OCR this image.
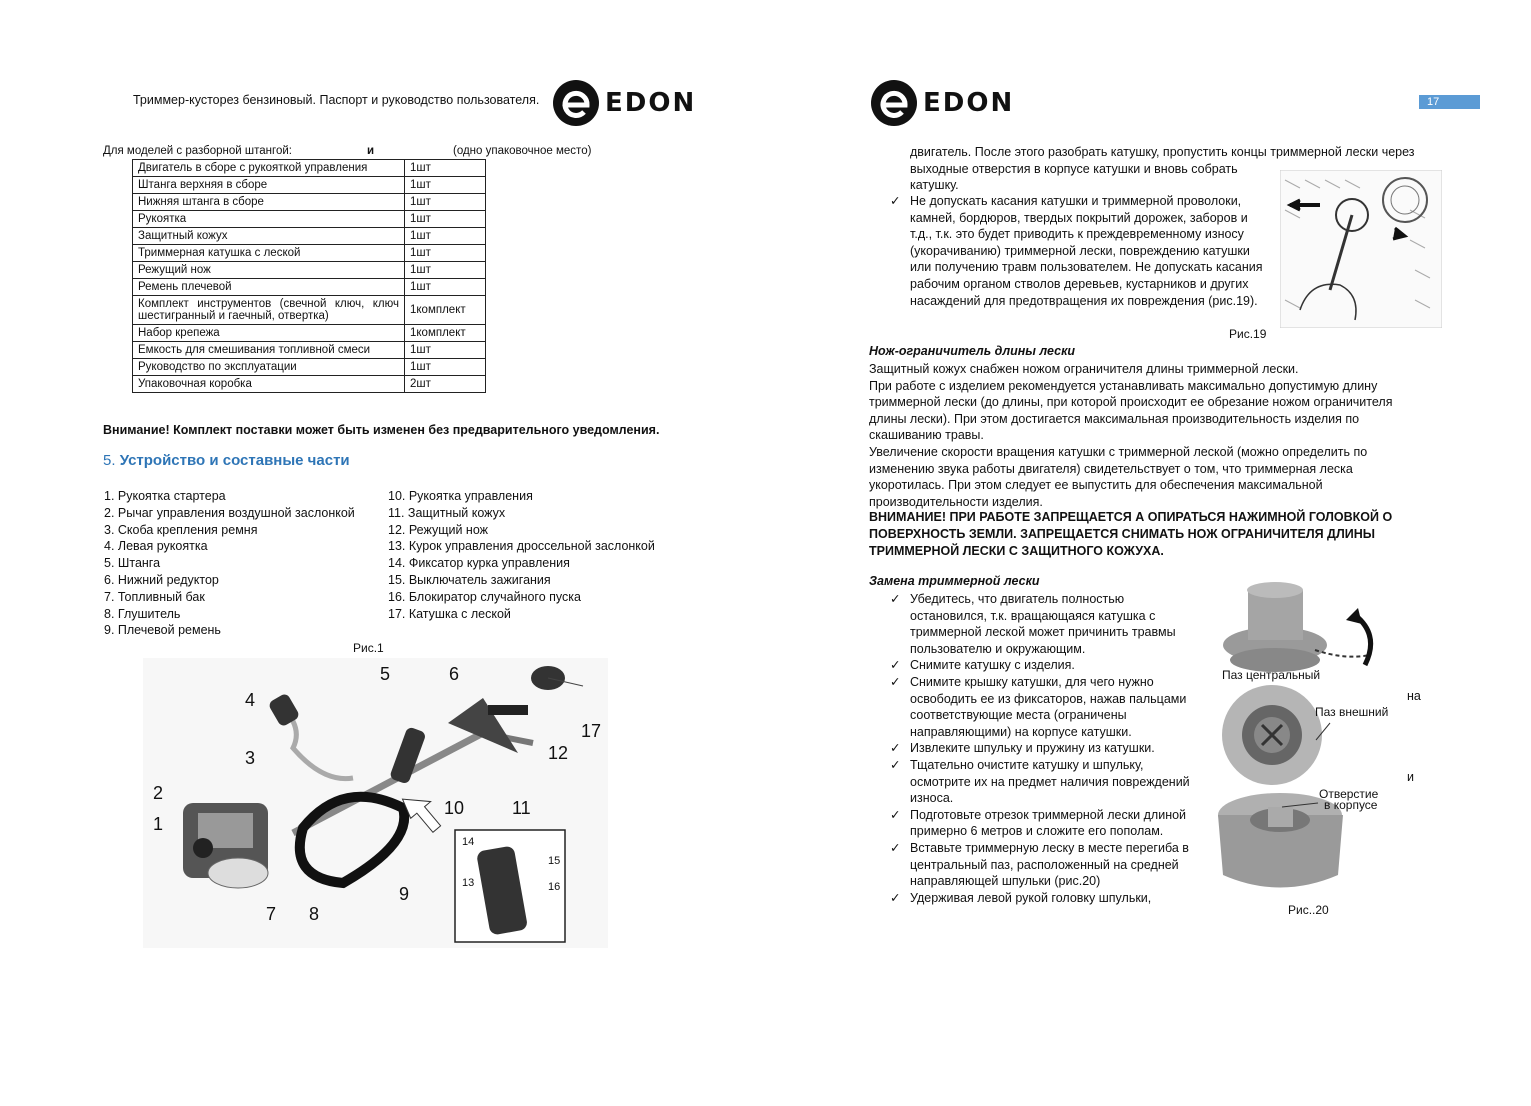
Триммер-кусторез бензиновый. Паспорт и руководство пользователя.	EDON
Для моделей с разборной штангой:	и	(одно упаковочное место)
Двигатель в сборе с рукояткой управления	1шт
Штанга верхняя в сборе	1шт
Нижняя штанга в сборе	1шт
Рукоятка	1шт
Защитный кожух	1шт
Триммерная катушка с леской	1шт
Режущий нож	1шт
Ремень плечевой	1шт
Комплект инструментов (свечной ключ, ключ шестигранный и гаечный, отвертка)	1комплект
Набор крепежа	1комплект
Емкость для смешивания топливной смеси	1шт
Руководство по эксплуатации	1шт
Упаковочная коробка	2шт
Внимание! Комплект поставки может быть изменен без предварительного уведомления.
5. Устройство и составные части
1. Рукоятка стартера
2. Рычаг управления воздушной заслонкой
3. Скоба крепления ремня
4. Левая рукоятка
5. Штанга
6. Нижний редуктор
7. Топливный бак
8. Глушитель
9. Плечевой ремень
10. Рукоятка управления
11. Защитный кожух
12. Режущий нож
13. Курок управления дроссельной заслонкой
14. Фиксатор курка управления
15. Выключатель зажигания
16. Блокиратор случайного пуска
17. Катушка с леской
Рис.1
1
2
3
4
5	6
7 8
9
10	11
12
17
14
13
15
16
EDON	17
двигатель. После этого разобрать катушку, пропустить концы триммерной лески через
выходные отверстия в корпусе катушки и вновь собрать
катушку.
✓ Не допускать касания катушки и триммерной проволоки,
камней, бордюров, твердых покрытий дорожек, заборов и
т.д., т.к. это будет приводить к преждевременному износу
(укорачиванию) триммерной лески, повреждению катушки
или получению травм пользователем. Не допускать касания
рабочим органом стволов деревьев, кустарников и других
насаждений для предотвращения их повреждения (рис.19).
Рис.19
Нож-ограничитель длины лески
Защитный кожух снабжен ножом ограничителя длины триммерной лески.
При работе с изделием рекомендуется устанавливать максимально допустимую длину
триммерной лески (до длины, при которой происходит ее обрезание ножом ограничителя
длины лески). При этом достигается максимальная производительность изделия по
скашиванию травы.
Увеличение скорости вращения катушки с триммерной леской (можно определить по
изменению звука работы двигателя) свидетельствует о том, что триммерная леска
укоротилась. При этом следует ее выпустить для обеспечения максимальной
производительности изделия.
ВНИМАНИЕ! ПРИ РАБОТЕ ЗАПРЕЩАЕТСЯ А ОПИРАТЬСЯ НАЖИМНОЙ ГОЛОВКОЙ О
ПОВЕРХНОСТЬ ЗЕМЛИ. ЗАПРЕЩАЕТСЯ СНИМАТЬ НОЖ ОГРАНИЧИТЕЛЯ ДЛИНЫ
ТРИММЕРНОЙ ЛЕСКИ С ЗАЩИТНОГО КОЖУХА.
Замена триммерной лески
✓ Убедитесь, что двигатель полностью
остановился, т.к. вращающаяся катушка с
триммерной леской может причинить травмы
пользователю и окружающим.
✓ Снимите катушку с изделия.
✓ Снимите крышку катушки, для чего нужно
освободить ее из фиксаторов, нажав пальцами
соответствующие места (ограничены
направляющими) на корпусе катушки.
✓ Извлеките шпульку и пружину из катушки.
✓ Тщательно очистите катушку и шпульку,
осмотрите их на предмет наличия повреждений
износа.
✓ Подготовьте отрезок триммерной лески длиной
примерно 6 метров и сложите его пополам.
✓ Вставьте триммерную леску в месте перегиба в
центральный паз, расположенный на средней
направляющей шпульки (рис.20)
✓ Удерживая левой рукой головку шпульки,
на
и
Паз центральный
Паз внешний
Отверстие
в корпусе
Рис..20
